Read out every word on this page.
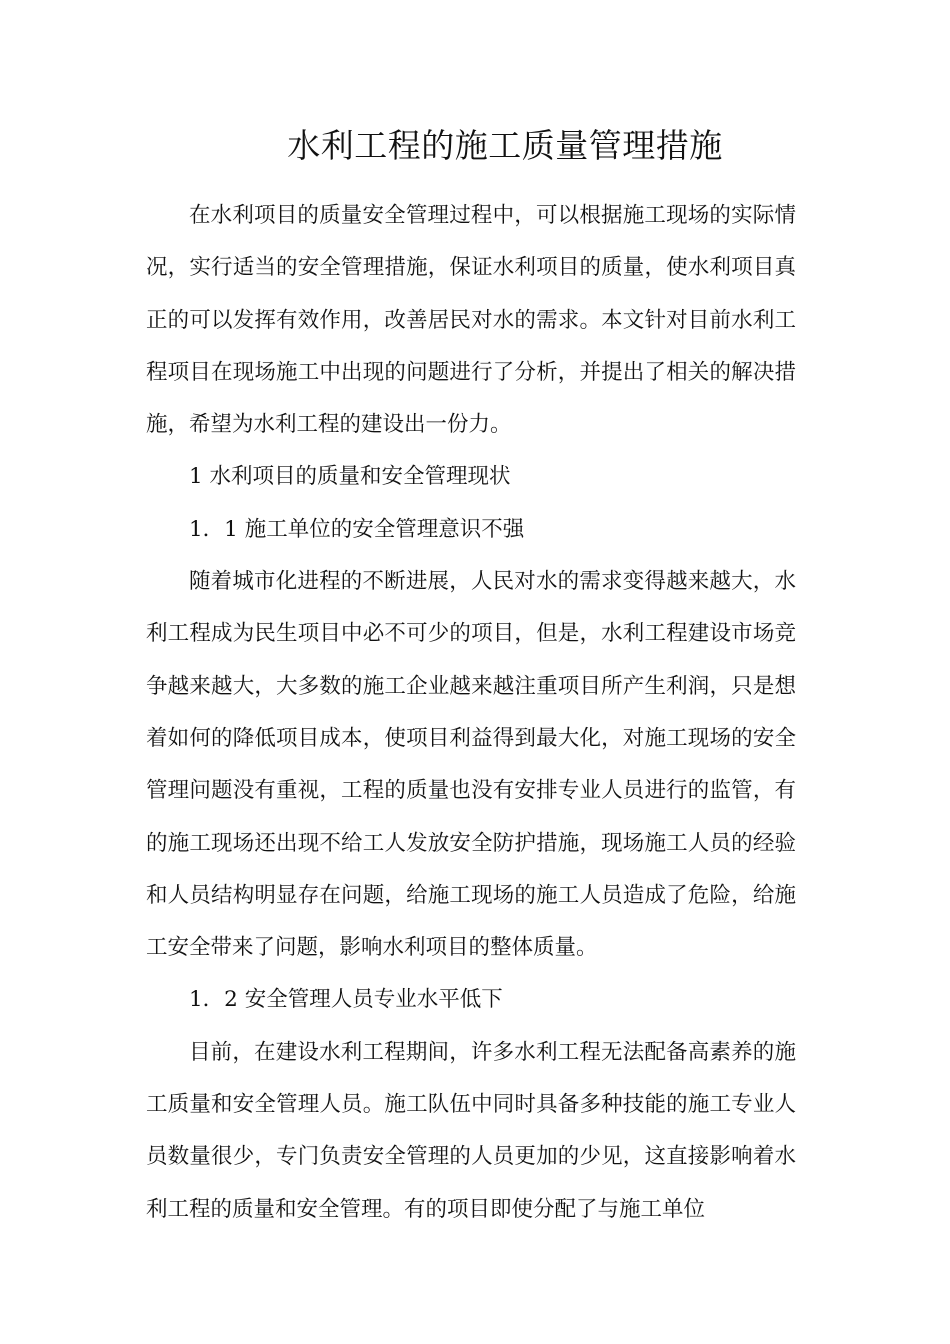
水利工程的施工质量管理措施

在水利项目的质量安全管理过程中，可以根据施工现场的实际情况，实行适当的安全管理措施，保证水利项目的质量，使水利项目真正的可以发挥有效作用，改善居民对水的需求。本文针对目前水利工程项目在现场施工中出现的问题进行了分析，并提出了相关的解决措施，希望为水利工程的建设出一份力。

1 水利项目的质量和安全管理现状

1．1 施工单位的安全管理意识不强

随着城市化进程的不断进展，人民对水的需求变得越来越大，水利工程成为民生项目中必不可少的项目，但是，水利工程建设市场竞争越来越大，大多数的施工企业越来越注重项目所产生利润，只是想着如何的降低项目成本，使项目利益得到最大化，对施工现场的安全管理问题没有重视，工程的质量也没有安排专业人员进行的监管，有的施工现场还出现不给工人发放安全防护措施，现场施工人员的经验和人员结构明显存在问题，给施工现场的施工人员造成了危险，给施工安全带来了问题，影响水利项目的整体质量。

1．2 安全管理人员专业水平低下

目前，在建设水利工程期间，许多水利工程无法配备高素养的施工质量和安全管理人员。施工队伍中同时具备多种技能的施工专业人员数量很少，专门负责安全管理的人员更加的少见，这直接影响着水利工程的质量和安全管理。有的项目即使分配了与施工单位
